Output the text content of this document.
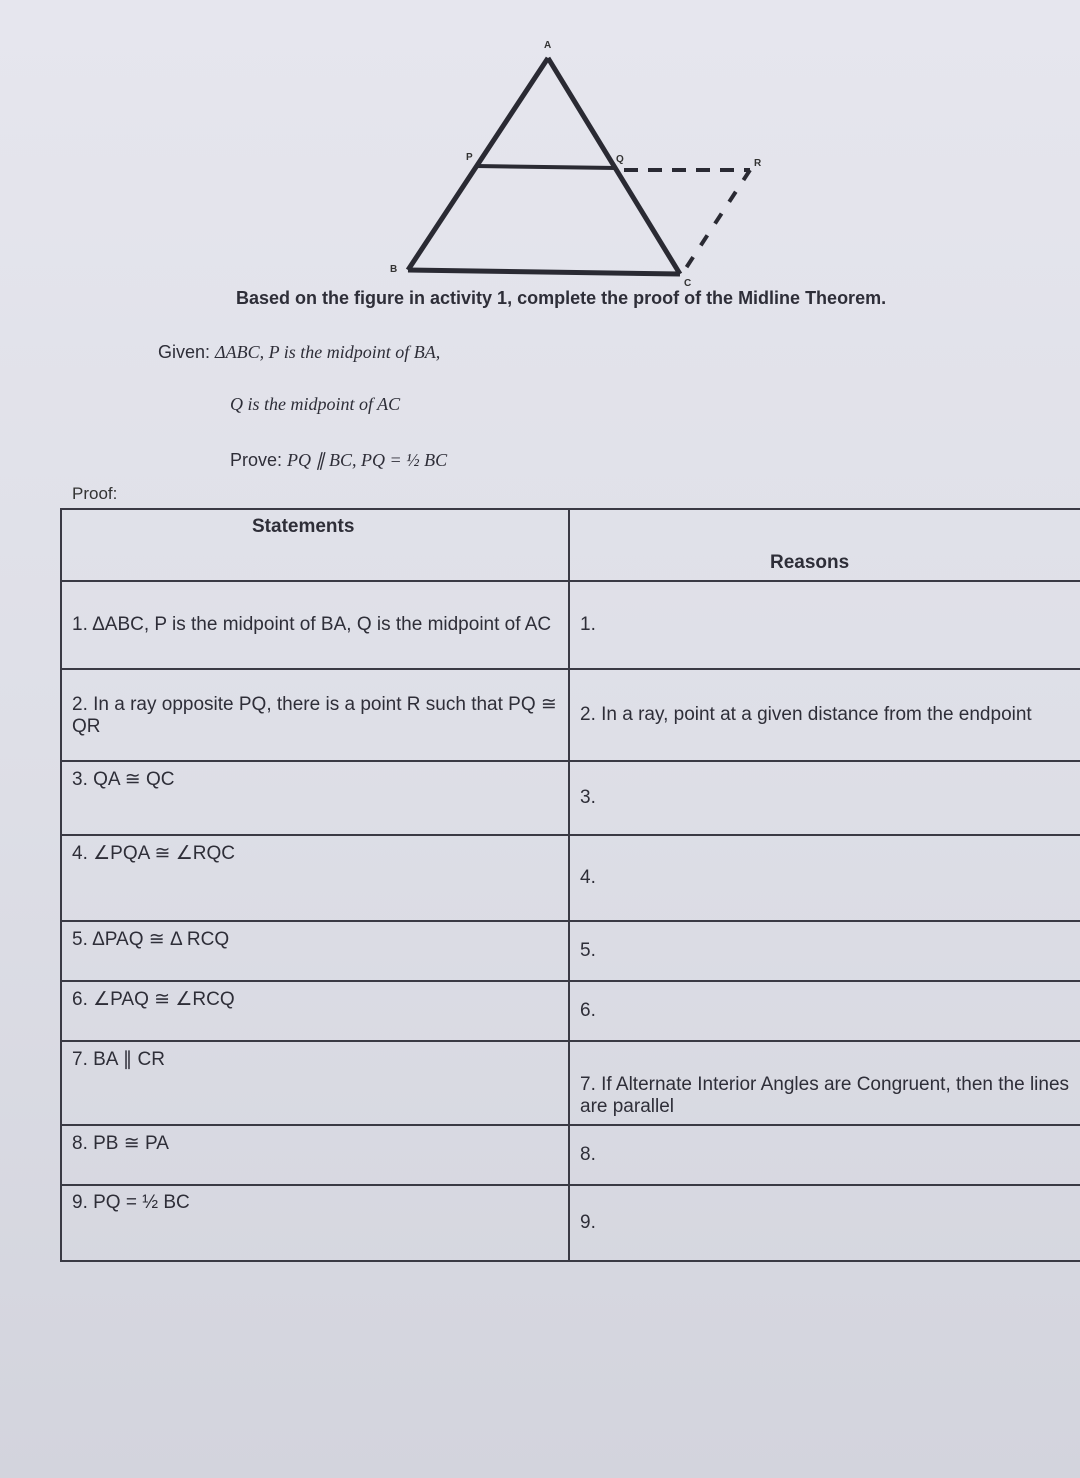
A
B
C
P	Q	R
Based on the figure in activity 1, complete the proof of the Midline Theorem.
Given: ΔABC, P is the midpoint of BA,
Q is the midpoint of AC
Prove: PQ ∥ BC, PQ = ½ BC
Proof:
Statements	Reasons
1. ΔABC, P is the midpoint of BA, Q is the midpoint of AC	1.
2. In a ray opposite PQ, there is a point R such that PQ ≅ QR	2. In a ray, point at a given distance from the endpoint
3. QA ≅ QC	3.
4. ∠PQA ≅ ∠RQC	4.
5. ΔPAQ ≅ Δ RCQ	5.
6. ∠PAQ ≅ ∠RCQ	6.
7. BA ∥ CR	7. If Alternate Interior Angles are Congruent, then the lines are parallel
8. PB ≅ PA	8.
9. PQ = ½ BC	9.
